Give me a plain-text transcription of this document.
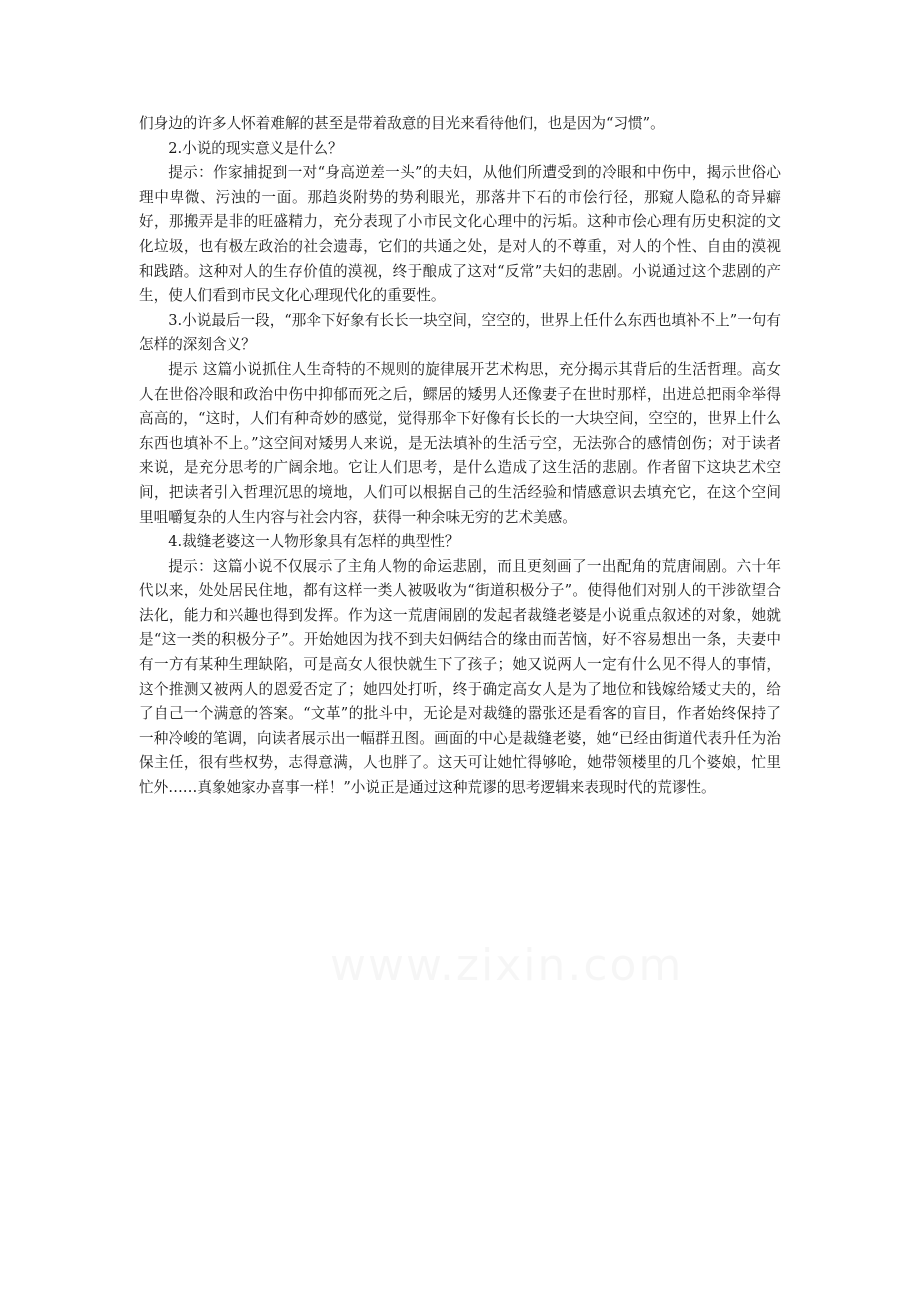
们身边的许多人怀着难解的甚至是带着敌意的目光来看待他们，也是因为“习惯”。

2.小说的现实意义是什么？

提示：作家捕捉到一对“身高逆差一头”的夫妇，从他们所遭受到的冷眼和中伤中，揭示世俗心理中卑微、污浊的一面。那趋炎附势的势利眼光，那落井下石的市侩行径，那窥人隐私的奇异癖好，那搬弄是非的旺盛精力，充分表现了小市民文化心理中的污垢。这种市侩心理有历史积淀的文化垃圾，也有极左政治的社会遗毒，它们的共通之处，是对人的不尊重，对人的个性、自由的漠视和践踏。这种对人的生存价值的漠视，终于酿成了这对“反常”夫妇的悲剧。小说通过这个悲剧的产生，使人们看到市民文化心理现代化的重要性。

3.小说最后一段，“那伞下好象有长长一块空间，空空的，世界上任什么东西也填补不上”一句有怎样的深刻含义？

提示 这篇小说抓住人生奇特的不规则的旋律展开艺术构思，充分揭示其背后的生活哲理。高女人在世俗冷眼和政治中伤中抑郁而死之后，鳏居的矮男人还像妻子在世时那样，出进总把雨伞举得高高的，“这时，人们有种奇妙的感觉，觉得那伞下好像有长长的一大块空间，空空的，世界上什么东西也填补不上。”这空间对矮男人来说，是无法填补的生活亏空，无法弥合的感情创伤；对于读者来说，是充分思考的广阔余地。它让人们思考，是什么造成了这生活的悲剧。作者留下这块艺术空间，把读者引入哲理沉思的境地，人们可以根据自己的生活经验和情感意识去填充它，在这个空间里咀嚼复杂的人生内容与社会内容，获得一种余味无穷的艺术美感。

4.裁缝老婆这一人物形象具有怎样的典型性？

提示：这篇小说不仅展示了主角人物的命运悲剧，而且更刻画了一出配角的荒唐闹剧。六十年代以来，处处居民住地，都有这样一类人被吸收为“街道积极分子”。使得他们对别人的干涉欲望合法化，能力和兴趣也得到发挥。作为这一荒唐闹剧的发起者裁缝老婆是小说重点叙述的对象，她就是“这一类的积极分子”。开始她因为找不到夫妇俩结合的缘由而苦恼，好不容易想出一条，夫妻中有一方有某种生理缺陷，可是高女人很快就生下了孩子；她又说两人一定有什么见不得人的事情，这个推测又被两人的恩爱否定了；她四处打听，终于确定高女人是为了地位和钱嫁给矮丈夫的，给了自己一个满意的答案。“文革”的批斗中，无论是对裁缝的嚣张还是看客的盲目，作者始终保持了一种冷峻的笔调，向读者展示出一幅群丑图。画面的中心是裁缝老婆，她“已经由街道代表升任为治保主任，很有些权势，志得意满，人也胖了。这天可让她忙得够呛，她带领楼里的几个婆娘，忙里忙外……真象她家办喜事一样！”小说正是通过这种荒谬的思考逻辑来表现时代的荒谬性。
